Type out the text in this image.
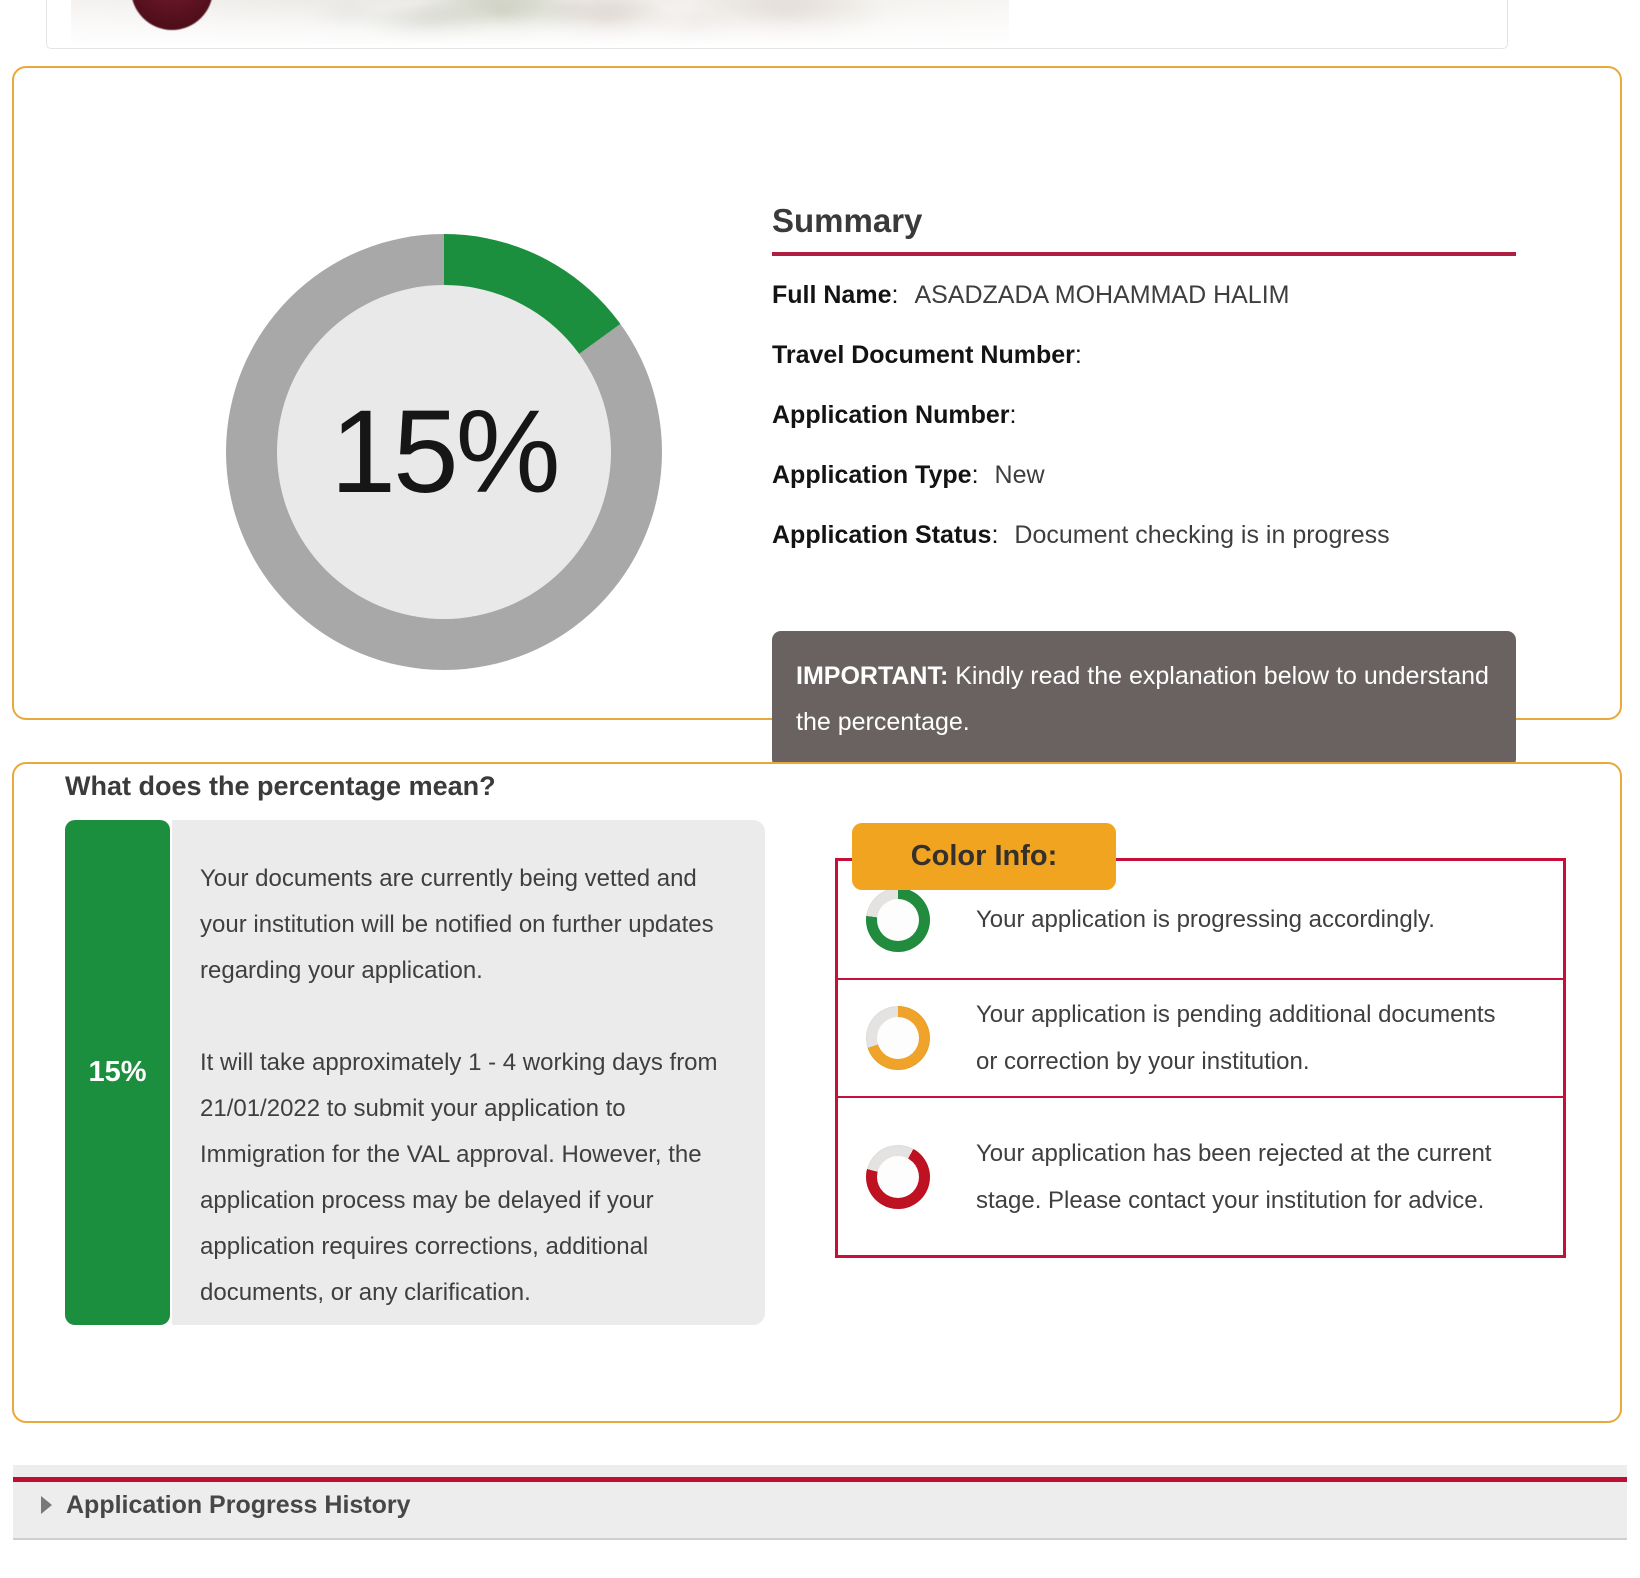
15%
Summary
Full Name: ASADZADA MOHAMMAD HALIM
Travel Document Number:
Application Number:
Application Type: New
Application Status: Document checking is in progress
IMPORTANT: Kindly read the explanation below to understand the percentage.
What does the percentage mean?
15%

Your documents are currently being vetted and your institution will be notified on further updates regarding your application.

It will take approximately 1 - 4 working days from 21/01/2022 to submit your application to Immigration for the VAL approval. However, the application process may be delayed if your application requires corrections, additional documents, or any clarification.

Color Info:
Your application is progressing accordingly.
Your application is pending additional documents or correction by your institution.
Your application has been rejected at the current stage. Please contact your institution for advice.
Application Progress History
